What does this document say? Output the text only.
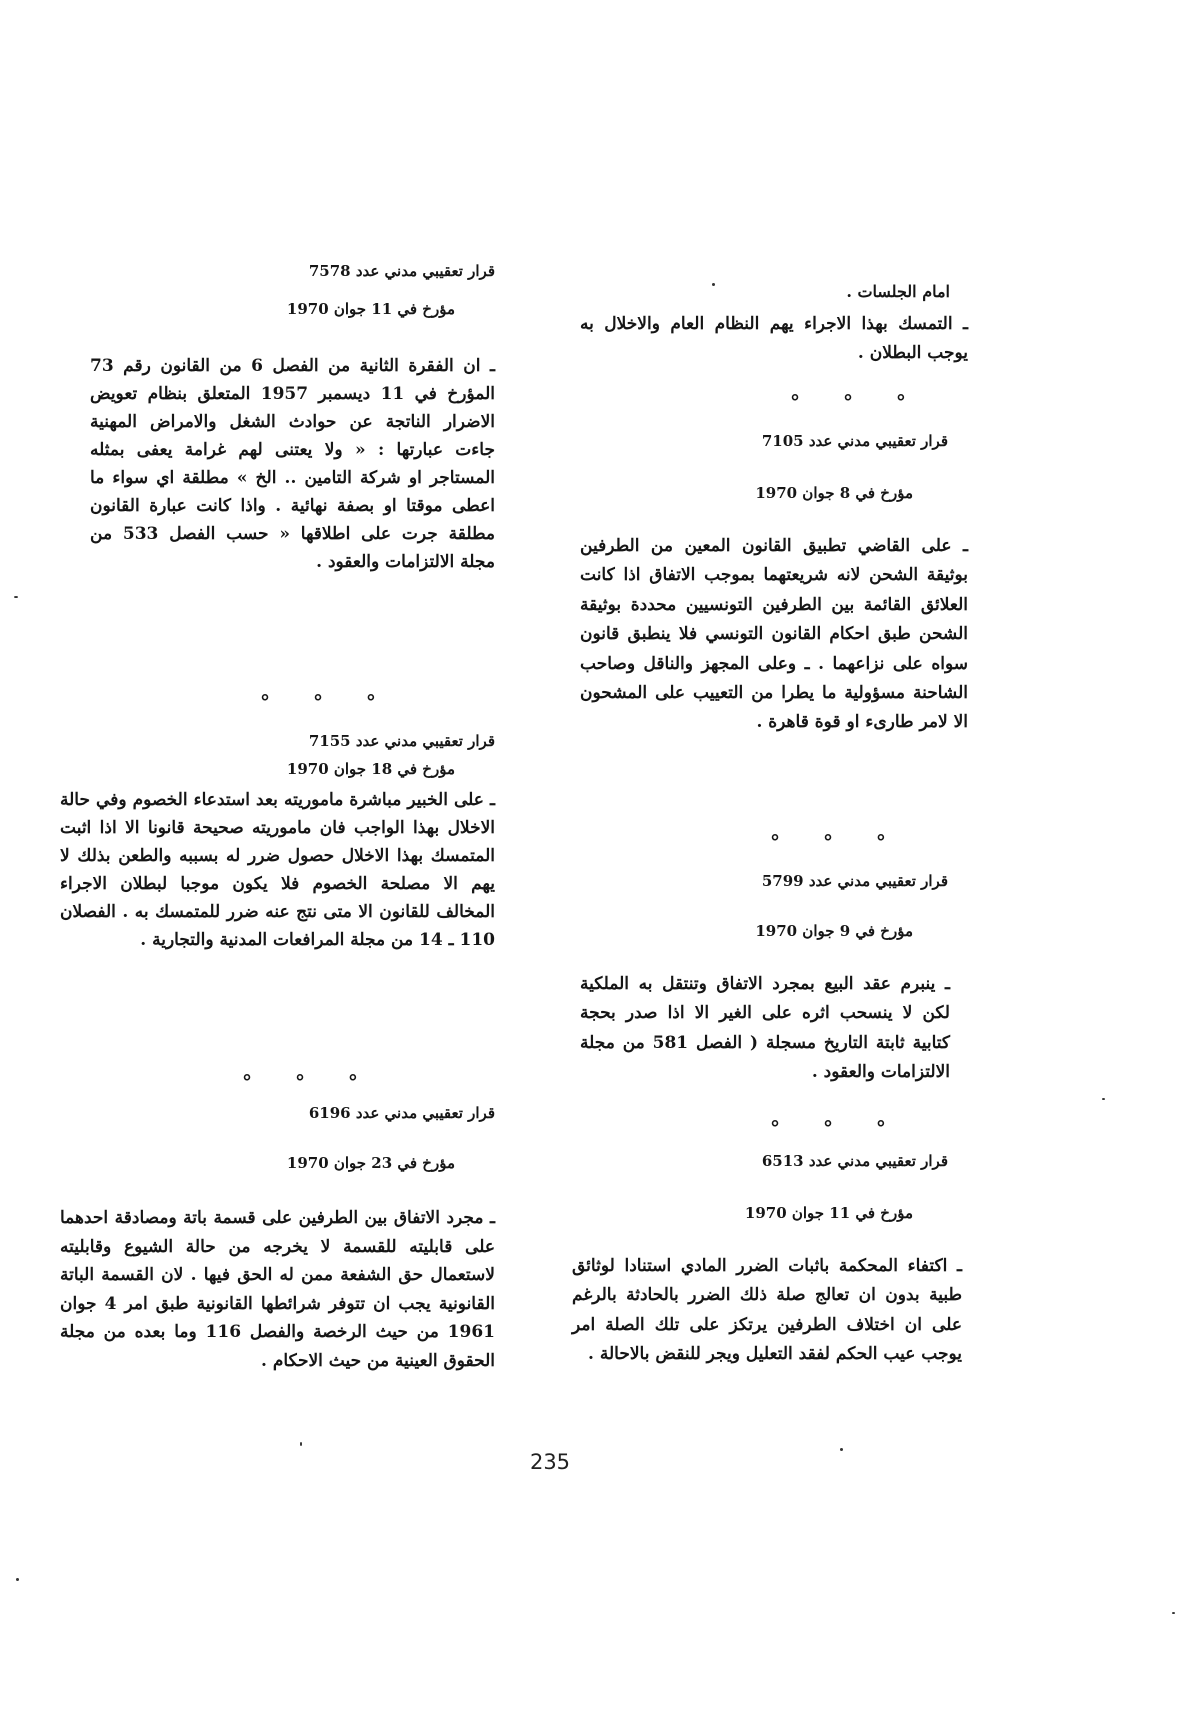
امام الجلسات .
ـ التمسك بهذا الاجراء يهم النظام العام والاخلال به يوجب البطلان .
° ° °
قرار تعقيبي مدني عدد 7105
مؤرخ في 8 جوان 1970
ـ على القاضي تطبيق القانون المعين من الطرفين بوثيقة الشحن لانه شريعتهما بموجب الاتفاق اذا كانت العلائق القائمة بين الطرفين التونسيين محددة بوثيقة الشحن طبق احكام القانون التونسي فلا ينطبق قانون سواه على نزاعهما . ـ وعلى المجهز والناقل وصاحب الشاحنة مسؤولية ما يطرا من التعييب على المشحون الا لامر طارىء او قوة قاهرة .
° ° °
قرار تعقيبي مدني عدد 5799
مؤرخ في 9 جوان 1970
ـ ينبرم عقد البيع بمجرد الاتفاق وتنتقل به الملكية لكن لا ينسحب اثره على الغير الا اذا صدر بحجة كتابية ثابتة التاريخ مسجلة ( الفصل 581 من مجلة الالتزامات والعقود .
° ° °
قرار تعقيبي مدني عدد 6513
مؤرخ في 11 جوان 1970
ـ اكتفاء المحكمة باثبات الضرر المادي استنادا لوثائق طبية بدون ان تعالج صلة ذلك الضرر بالحادثة بالرغم على ان اختلاف الطرفين يرتكز على تلك الصلة امر يوجب عيب الحكم لفقد التعليل ويجر للنقض بالاحالة .
قرار تعقيبي مدني عدد 7578
مؤرخ في 11 جوان 1970
ـ ان الفقرة الثانية من الفصل 6 من القانون رقم 73 المؤرخ في 11 ديسمبر 1957 المتعلق بنظام تعويض الاضرار الناتجة عن حوادث الشغل والامراض المهنية جاءت عبارتها : « ولا يعتنى لهم غرامة يعفى بمثله المستاجر او شركة التامين .. الخ » مطلقة اي سواء ما اعطى موقتا او بصفة نهائية . واذا كانت عبارة القانون مطلقة جرت على اطلاقها « حسب الفصل 533 من مجلة الالتزامات والعقود .
° ° °
قرار تعقيبي مدني عدد 7155
مؤرخ في 18 جوان 1970
ـ على الخبير مباشرة ماموريته بعد استدعاء الخصوم وفي حالة الاخلال بهذا الواجب فان ماموريته صحيحة قانونا الا اذا اثبت المتمسك بهذا الاخلال حصول ضرر له بسببه والطعن بذلك لا يهم الا مصلحة الخصوم فلا يكون موجبا لبطلان الاجراء المخالف للقانون الا متى نتج عنه ضرر للمتمسك به . الفصلان 110 ـ 14 من مجلة المرافعات المدنية والتجارية .
° ° °
قرار تعقيبي مدني عدد 6196
مؤرخ في 23 جوان 1970
ـ مجرد الاتفاق بين الطرفين على قسمة باتة ومصادقة احدهما على قابليته للقسمة لا يخرجه من حالة الشيوع وقابليته لاستعمال حق الشفعة ممن له الحق فيها . لان القسمة الباتة القانونية يجب ان تتوفر شرائطها القانونية طبق امر 4 جوان 1961 من حيث الرخصة والفصل 116 وما بعده من مجلة الحقوق العينية من حيث الاحكام .
235
